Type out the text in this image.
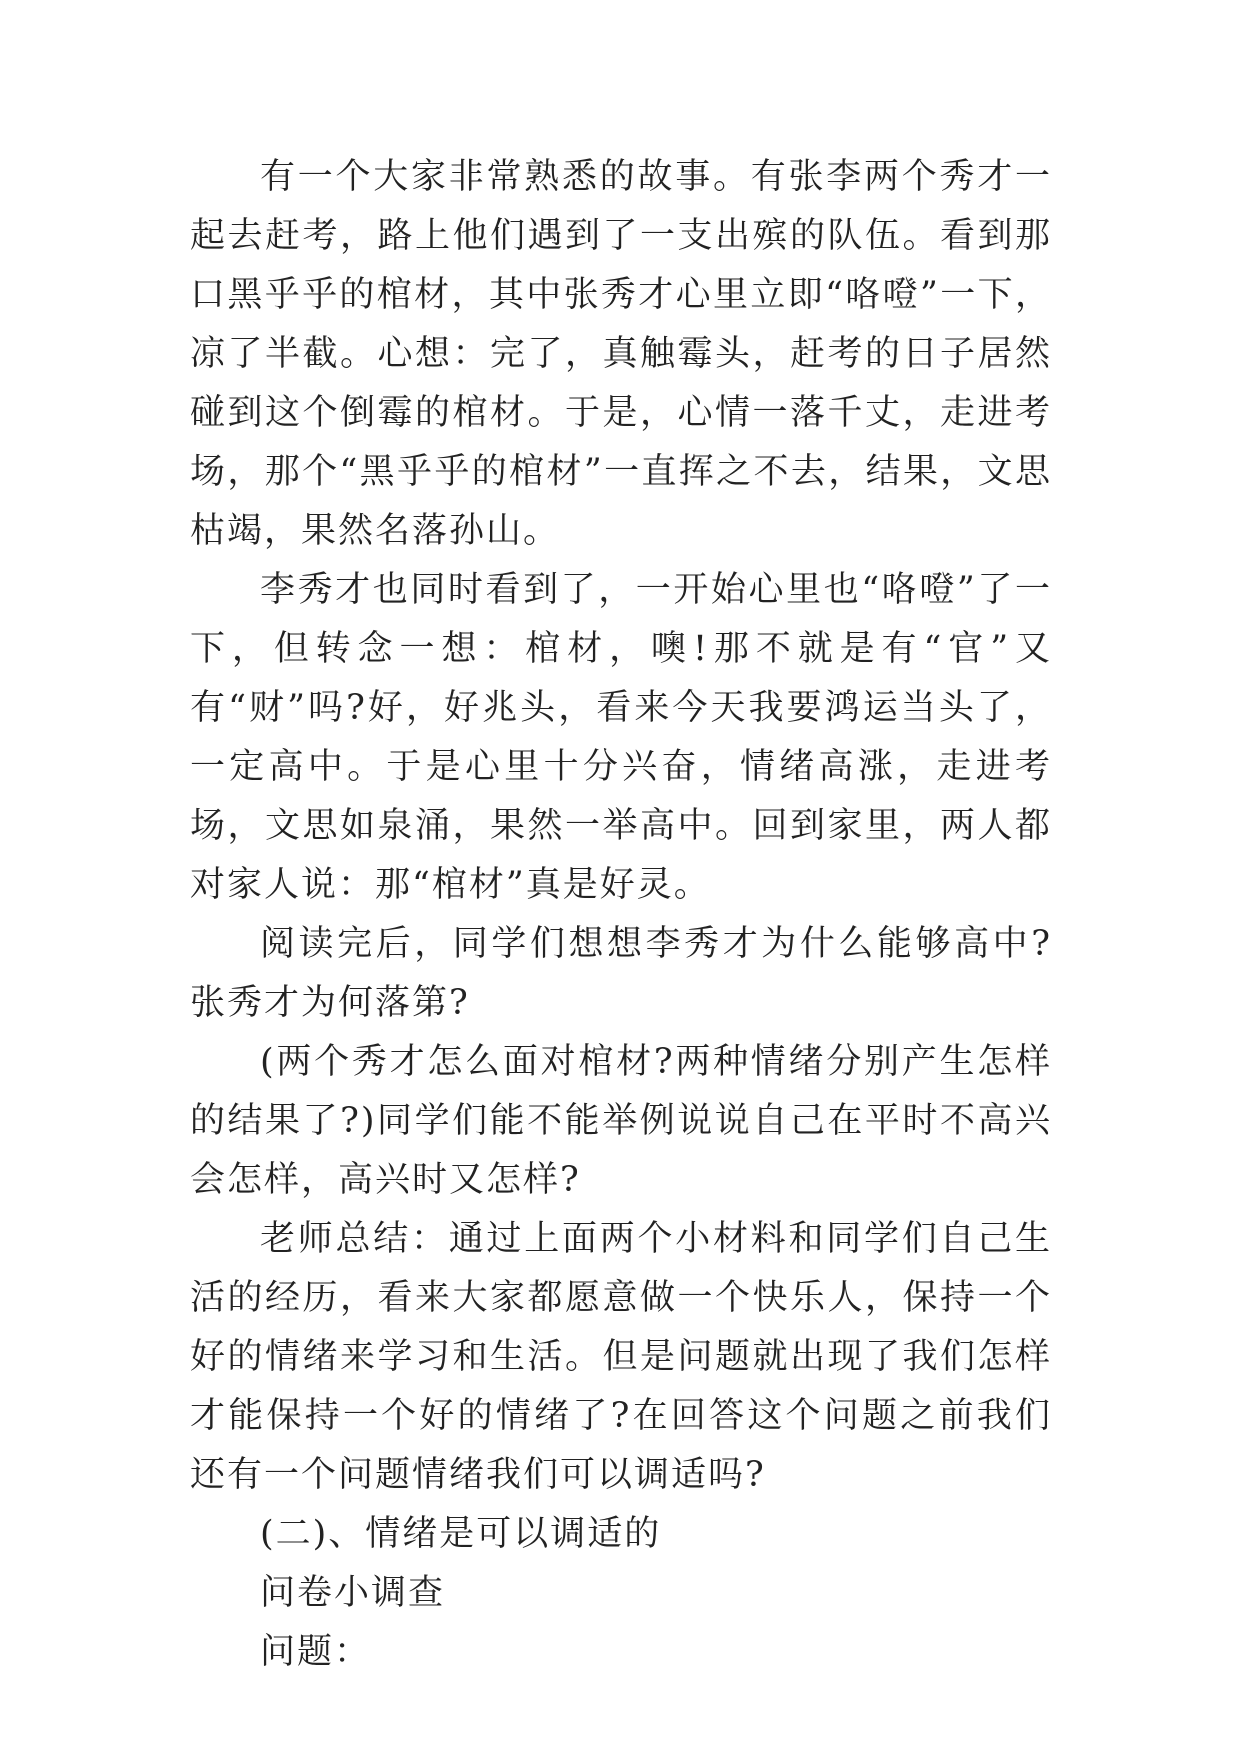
有一个大家非常熟悉的故事。有张李两个秀才一起去赶考，路上他们遇到了一支出殡的队伍。看到那口黑乎乎的棺材，其中张秀才心里立即“咯噔”一下，凉了半截。心想：完了，真触霉头，赶考的日子居然碰到这个倒霉的棺材。于是，心情一落千丈，走进考场，那个“黑乎乎的棺材”一直挥之不去，结果，文思枯竭，果然名落孙山。

李秀才也同时看到了，一开始心里也“咯噔”了一下，但转念一想：棺材，噢!那不就是有“官”又有“财”吗?好，好兆头，看来今天我要鸿运当头了，一定高中。于是心里十分兴奋，情绪高涨，走进考场，文思如泉涌，果然一举高中。回到家里，两人都对家人说：那“棺材”真是好灵。

阅读完后，同学们想想李秀才为什么能够高中?张秀才为何落第?

(两个秀才怎么面对棺材?两种情绪分别产生怎样的结果了?)同学们能不能举例说说自己在平时不高兴会怎样，高兴时又怎样?

老师总结：通过上面两个小材料和同学们自己生活的经历，看来大家都愿意做一个快乐人，保持一个好的情绪来学习和生活。但是问题就出现了我们怎样才能保持一个好的情绪了?在回答这个问题之前我们还有一个问题情绪我们可以调适吗?

(二)、情绪是可以调适的

问卷小调查

问题：
